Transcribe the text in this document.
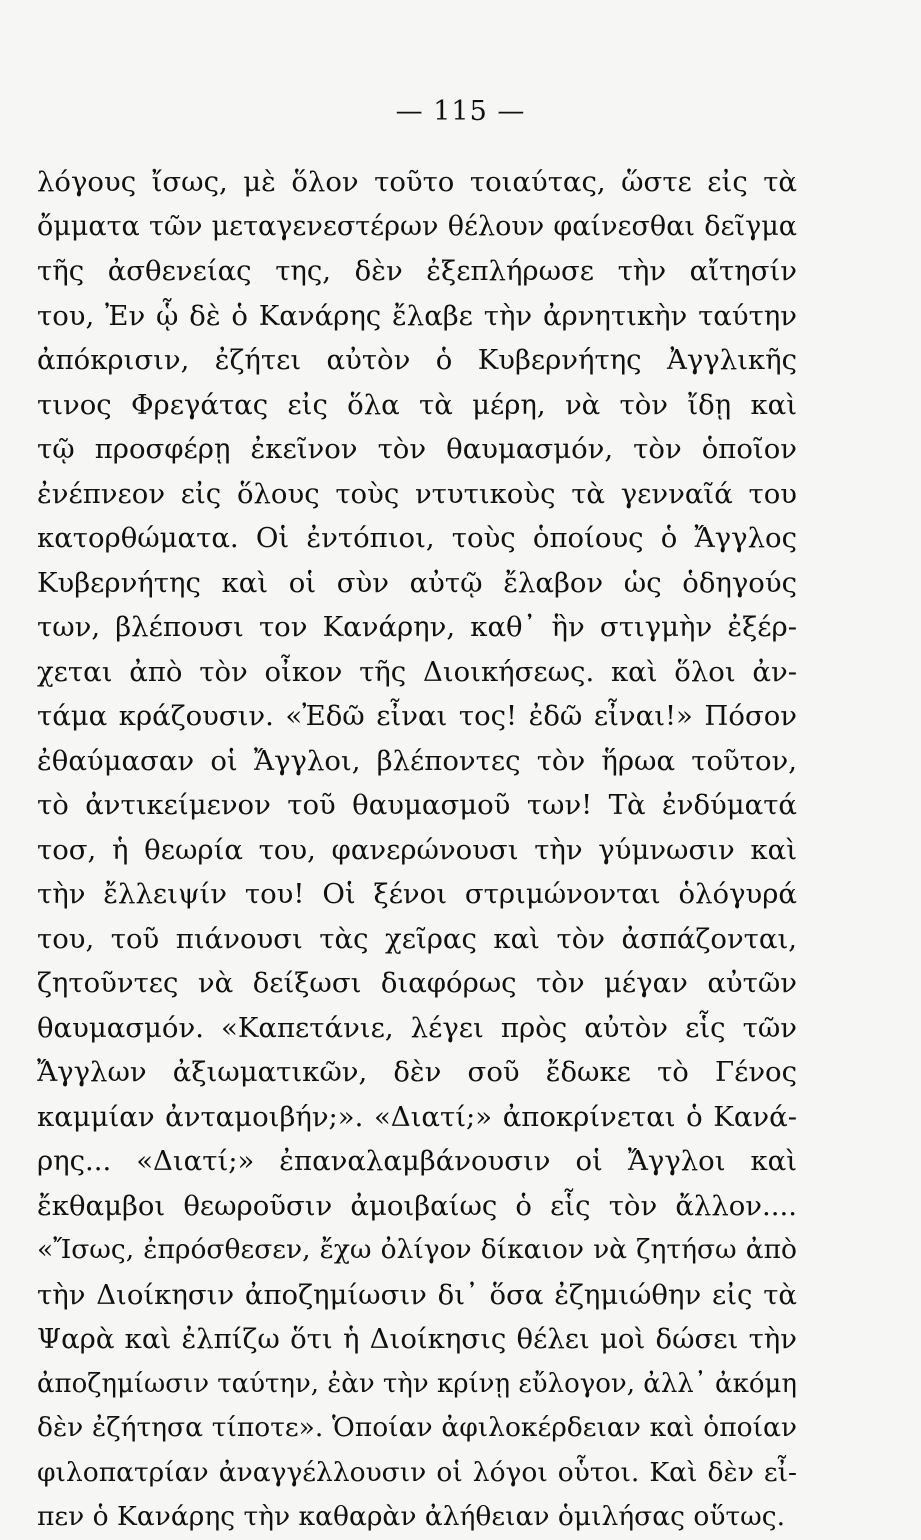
— 115 —
λόγους ἴσως, μὲ ὅλον τοῦτο τοιαύτας, ὥστε εἰς τὰ
ὄμματα τῶν μεταγενεστέρων θέλουν φαίνεσθαι δεῖγμα
τῆς ἀσθενείας της, δὲν ἐξεπλήρωσε τὴν αἴτησίν
του, Ἐν ᾧ δὲ ὁ Κανάρης ἔλαβε τὴν ἀρνητικὴν ταύτην
ἀπόκρισιν, ἐζήτει αὐτὸν ὁ Κυβερνήτης Ἀγγλικῆς
τινος Φρεγάτας εἰς ὅλα τὰ μέρη, νὰ τὸν ἴδῃ καὶ
τῷ προσφέρῃ ἐκεῖνον τὸν θαυμασμόν, τὸν ὁποῖον
ἐνέπνεον εἰς ὅλους τοὺς ντυτικοὺς τὰ γενναῖά του
κατορθώματα. Οἱ ἐντόπιοι, τοὺς ὁποίους ὁ Ἄγγλος
Κυβερνήτης καὶ οἱ σὺν αὐτῷ ἔλαβον ὡς ὁδηγούς
των, βλέπουσι τον Κανάρην, καθ᾽ ἣν στιγμὴν ἐξέρ-
χεται ἀπὸ τὸν οἶκον τῆς Διοικήσεως. καὶ ὅλοι ἀν-
τάμα κράζουσιν. «Ἐδῶ εἶναι τος! ἐδῶ εἶναι!» Πόσον
ἐθαύμασαν οἱ Ἄγγλοι, βλέποντες τὸν ἥρωα τοῦτον,
τὸ ἀντικείμενον τοῦ θαυμασμοῦ των! Τὰ ἐνδύματά
τοσ, ἡ θεωρία του, φανερώνουσι τὴν γύμνωσιν καὶ
τὴν ἔλλειψίν του! Οἱ ξένοι στριμώνονται ὁλόγυρά
του, τοῦ πιάνουσι τὰς χεῖρας καὶ τὸν ἀσπάζονται,
ζητοῦντες νὰ δείξωσι διαφόρως τὸν μέγαν αὐτῶν
θαυμασμόν. «Καπετάνιε, λέγει πρὸς αὐτὸν εἷς τῶν
Ἄγγλων ἀξιωματικῶν, δὲν σοῦ ἔδωκε τὸ Γένος
καμμίαν ἀνταμοιβήν;». «Διατί;» ἀποκρίνεται ὁ Κανά-
ρης... «Διατί;» ἐπαναλαμβάνουσιν οἱ Ἄγγλοι καὶ
ἔκθαμβοι θεωροῦσιν ἀμοιβαίως ὁ εἷς τὸν ἄλλον....
«Ἴσως, ἐπρόσθεσεν, ἔχω ὀλίγον δίκαιον νὰ ζητήσω ἀπὸ
τὴν Διοίκησιν ἀποζημίωσιν δι᾽ ὅσα ἐζημιώθην εἰς τὰ
Ψαρὰ καὶ ἐλπίζω ὅτι ἡ Διοίκησις θέλει μοὶ δώσει τὴν
ἀποζημίωσιν ταύτην, ἐὰν τὴν κρίνῃ εὔλογον, ἀλλ᾽ ἀκόμη
δὲν ἐζήτησα τίποτε». Ὁποίαν ἀφιλοκέρδειαν καὶ ὁποίαν
φιλοπατρίαν ἀναγγέλλουσιν οἱ λόγοι οὗτοι. Καὶ δὲν εἶ-
πεν ὁ Κανάρης τὴν καθαρὰν ἀλήθειαν ὁμιλήσας οὕτως.
